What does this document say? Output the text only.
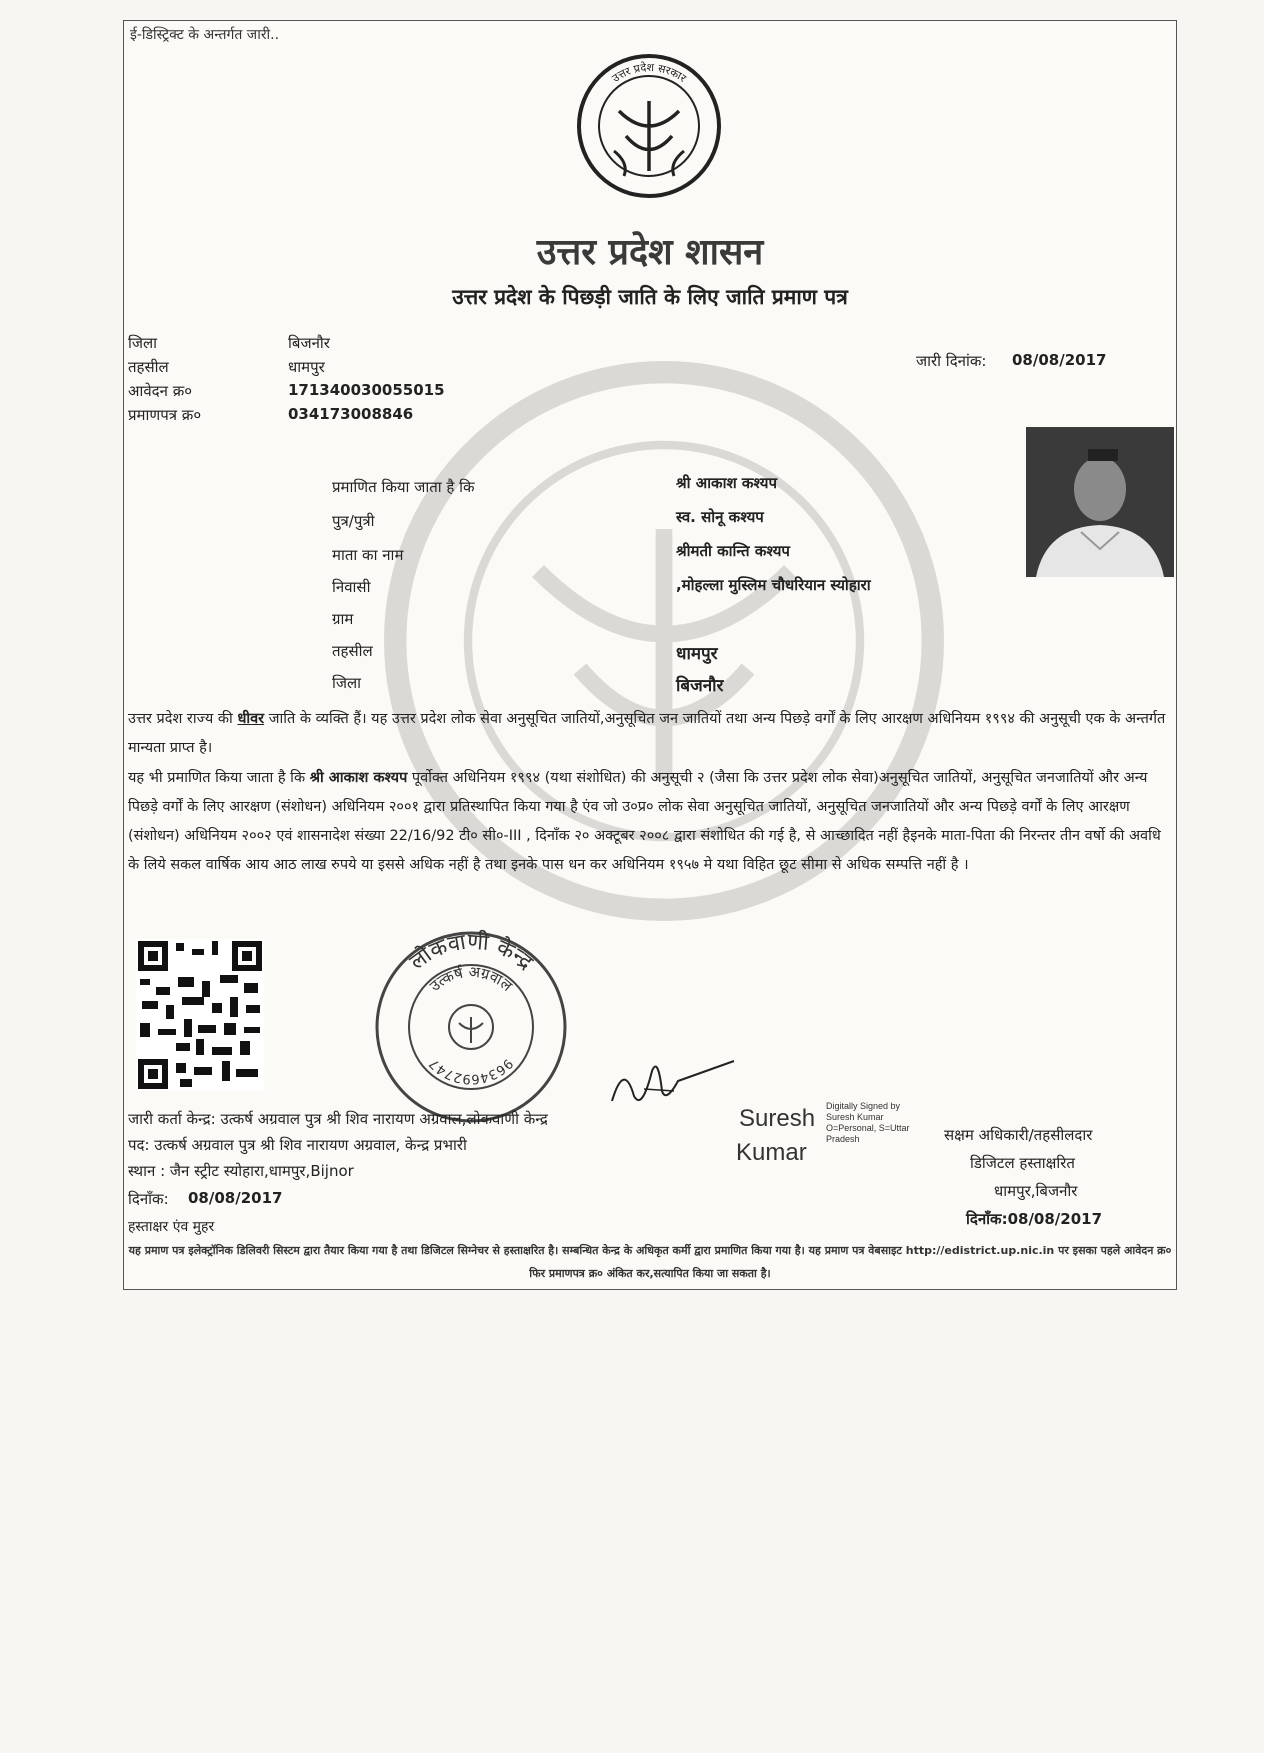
ई-डिस्ट्रिक्ट के अन्तर्गत जारी..
उत्तर प्रदेश सरकार
उत्तर प्रदेश शासन
उत्तर प्रदेश के पिछड़ी जाति के लिए जाति प्रमाण पत्र
जिला	बिजनौर
तहसील	धामपुर
आवेदन क्र०	171340030055015
प्रमाणपत्र क्र०	034173008846
जारी दिनांक: 08/08/2017
प्रमाणित किया जाता है कि	श्री आकाश कश्यप
पुत्र/पुत्री	स्व. सोनू कश्यप
माता का नाम	श्रीमती कान्ति कश्यप
निवासी	,मोहल्ला मुस्लिम चौधरियान स्योहारा
ग्राम
तहसील	धामपुर
जिला	बिजनौर
उत्तर प्रदेश राज्य की धीवर जाति के व्यक्ति हैं। यह उत्तर प्रदेश लोक सेवा अनुसूचित जातियों,अनुसूचित जन जातियों तथा अन्य पिछड़े वर्गों के लिए आरक्षण अधिनियम १९९४ की अनुसूची एक के अन्तर्गत मान्यता प्राप्त है।
यह भी प्रमाणित किया जाता है कि श्री आकाश कश्यप पूर्वोक्त अधिनियम १९९४ (यथा संशोधित) की अनुसूची २ (जैसा कि उत्तर प्रदेश लोक सेवा)अनुसूचित जातियों, अनुसूचित जनजातियों और अन्य पिछड़े वर्गों के लिए आरक्षण (संशोधन) अधिनियम २००१ द्वारा प्रतिस्थापित किया गया है एंव जो उ०प्र० लोक सेवा अनुसूचित जातियों, अनुसूचित जनजातियों और अन्य पिछड़े वर्गों के लिए आरक्षण (संशोधन) अधिनियम २००२ एवं शासनादेश संख्या 22/16/92 टी० सी०-III , दिनाँक २० अक्टूबर २००८ द्वारा संशोधित की गई है, से आच्छादित नहीं हैइनके माता-पिता की निरन्तर तीन वर्षो की अवधि के लिये सकल वार्षिक आय आठ लाख रुपये या इससे अधिक नहीं है तथा इनके पास धन कर अधिनियम १९५७ मे यथा विहित छूट सीमा से अधिक सम्पत्ति नहीं है ।
लोकवाणी केन्द्र
उत्कर्ष अग्रवाल
9634692747
जारी कर्ता केन्द्र: उत्कर्ष अग्रवाल पुत्र श्री शिव नारायण अग्रवाल,लोकवाणी केन्द्र
पद: उत्कर्ष अग्रवाल पुत्र श्री शिव नारायण अग्रवाल, केन्द्र प्रभारी
स्थान : जैन स्ट्रीट स्योहारा,धामपुर,Bijnor
दिनाँक: 08/08/2017
हस्ताक्षर एंव मुहर
Suresh
Kumar
Digitally Signed by Suresh Kumar O=Personal, S=Uttar Pradesh	सक्षम अधिकारी/तहसीलदार
डिजिटल हस्ताक्षरित
धामपुर,बिजनौर
दिनाँक:08/08/2017
यह प्रमाण पत्र इलेक्ट्रॉनिक डिलिवरी सिस्टम द्वारा तैयार किया गया है तथा डिजिटल सिग्नेचर से हस्ताक्षरित है। सम्बन्धित केन्द्र के अधिकृत कर्मी द्वारा प्रमाणित किया गया है। यह प्रमाण पत्र वेबसाइट http://edistrict.up.nic.in पर इसका पहले आवेदन क्र० फिर प्रमाणपत्र क्र० अंकित कर,सत्यापित किया जा सकता है।
